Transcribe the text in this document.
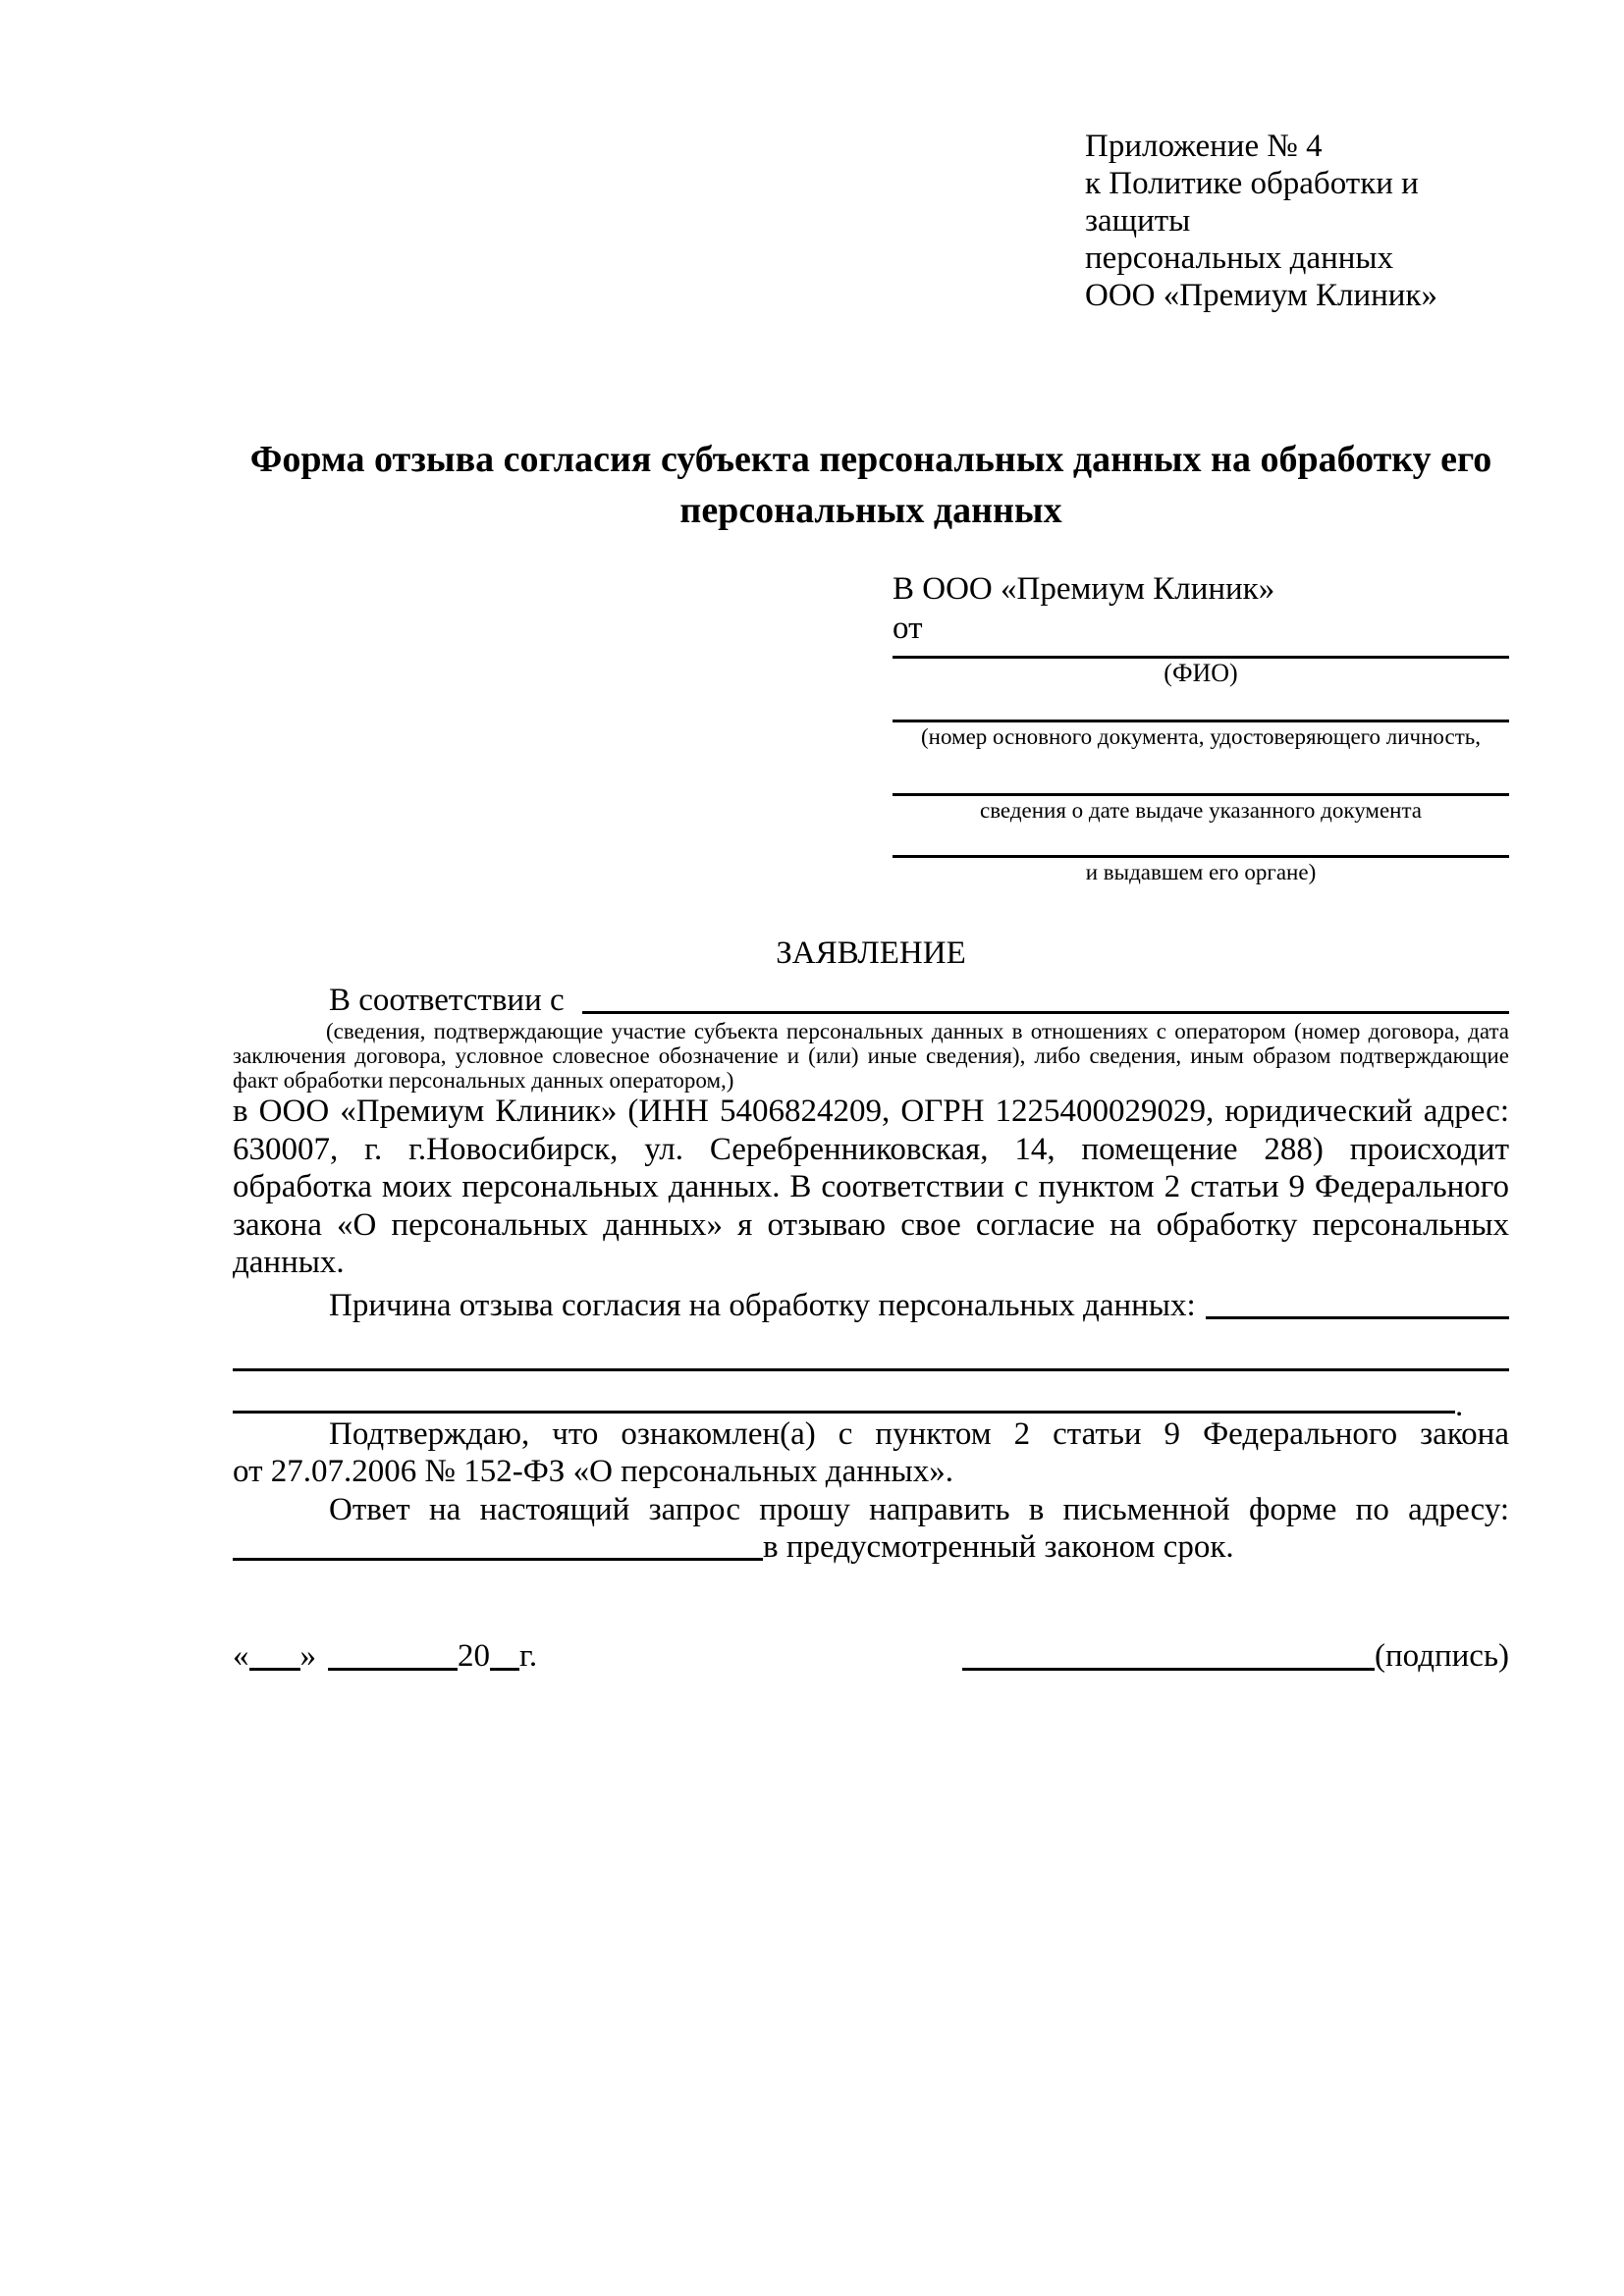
Приложение № 4
к Политике обработки и защиты
персональных данных
ООО «Премиум Клиник»
Форма отзыва согласия субъекта персональных данных на обработку его персональных данных
В ООО «Премиум Клиник»
от
(ФИО)
(номер основного документа, удостоверяющего личность,
сведения о дате выдаче указанного документа
и выдавшем его органе)
ЗАЯВЛЕНИЕ
В соответствии с

(сведения, подтверждающие участие субъекта персональных данных в отношениях с оператором (номер договора, дата заключения договора, условное словесное обозначение и (или) иные сведения), либо сведения, иным образом подтверждающие факт обработки персональных данных оператором,)

в ООО «Премиум Клиник» (ИНН 5406824209, ОГРН 1225400029029, юридический адрес: 630007, г. г.Новосибирск, ул. Серебренниковская, 14, помещение 288) происходит обработка моих персональных данных. В соответствии с пунктом 2 статьи 9 Федерального закона «О персональных данных» я отзываю свое согласие на обработку персональных данных.

Причина отзыва согласия на обработку персональных данных:
.

Подтверждаю, что ознакомлен(а) с пунктом 2 статьи 9 Федерального закона от 27.07.2006 № 152-ФЗ «О персональных данных».

Ответ на настоящий запрос прошу направить в письменной форме по адресу:

в предусмотренный законом срок.
« »	20 г.	(подпись)
